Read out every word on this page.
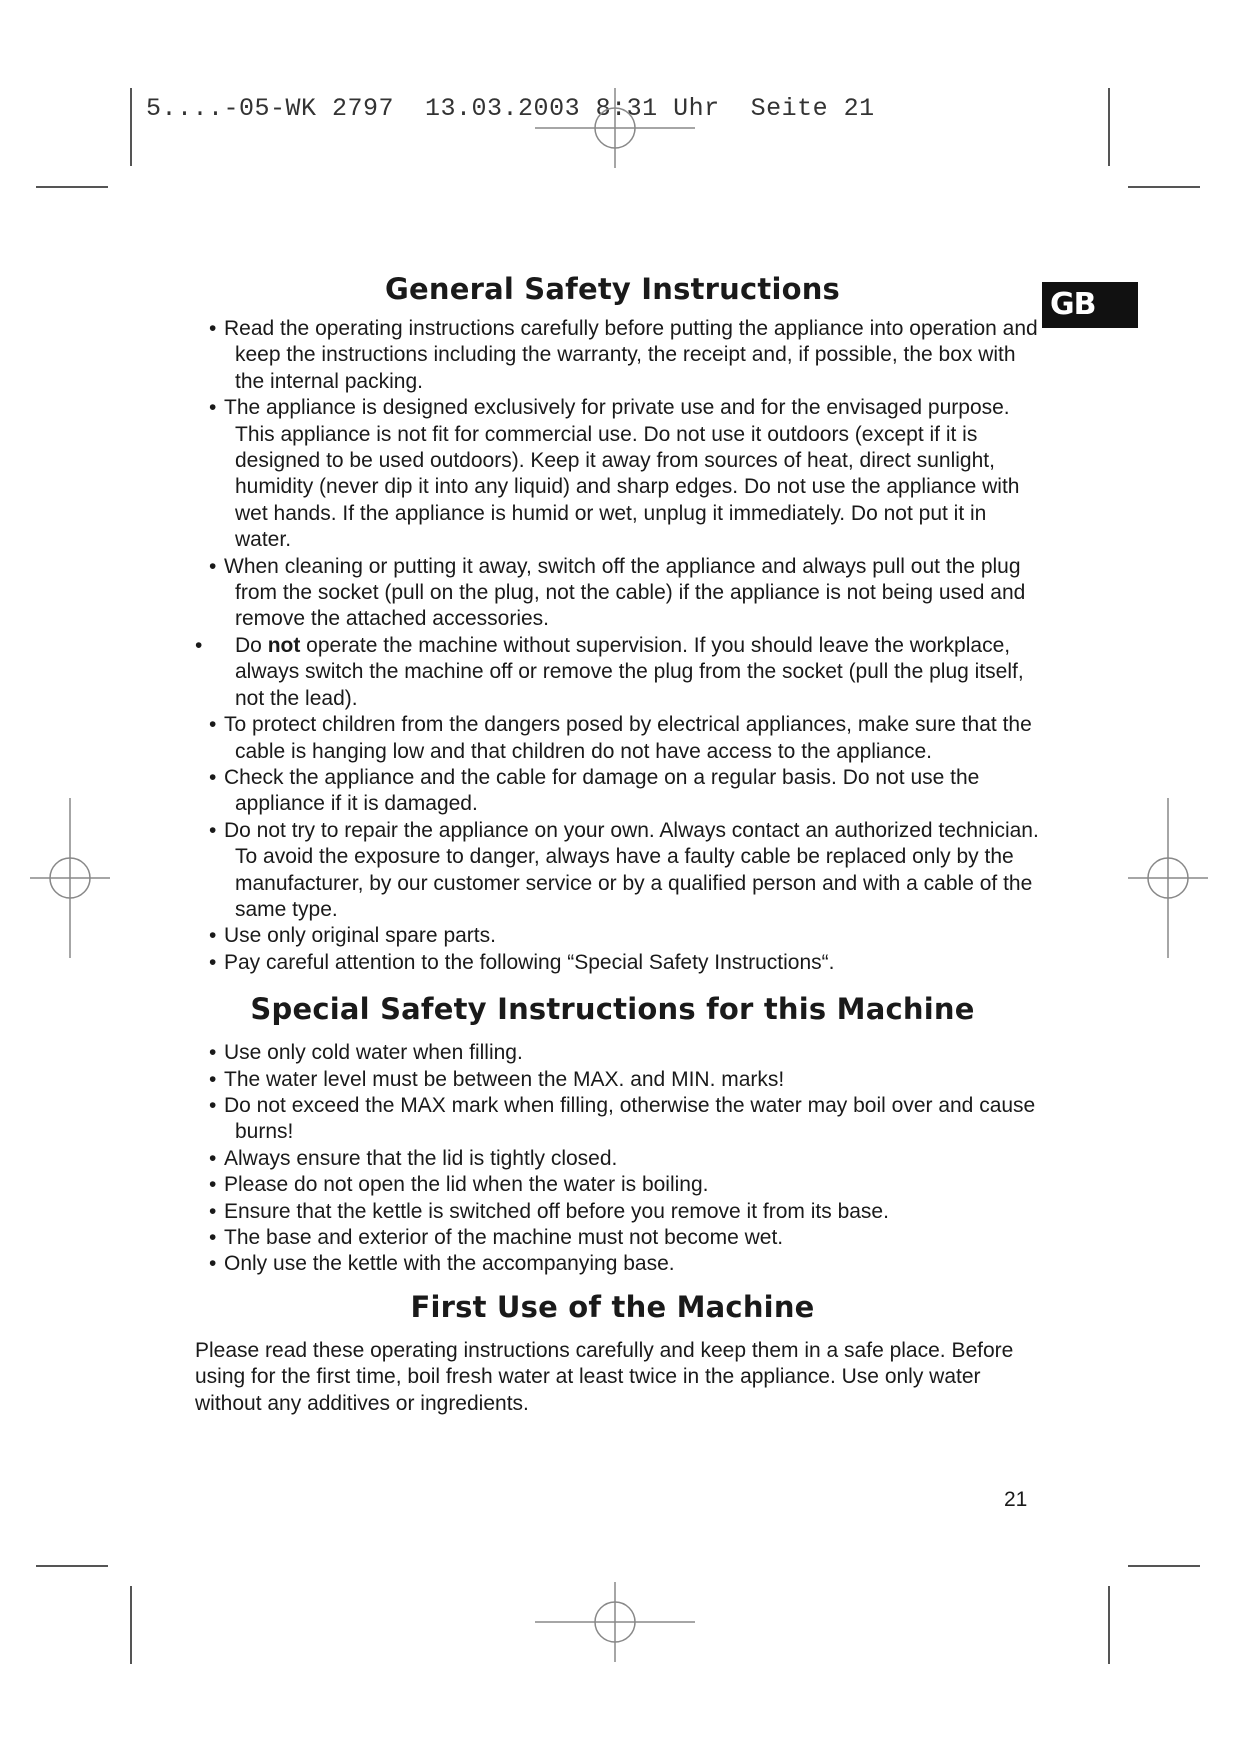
5....-05-WK 2797  13.03.2003 8:31 Uhr  Seite 21
GB
General Safety Instructions
• Read the operating instructions carefully before putting the appliance into operation and keep the instructions including the warranty, the receipt and, if possible, the box with the internal packing.
• The appliance is designed exclusively for private use and for the envisaged purpose. This appliance is not fit for commercial use. Do not use it outdoors (except if it is designed to be used outdoors). Keep it away from sources of heat, direct sunlight, humidity (never dip it into any liquid) and sharp edges. Do not use the appliance with wet hands. If the appliance is humid or wet, unplug it immediately. Do not put it in water.
• When cleaning or putting it away, switch off the appliance and always pull out the plug from the socket (pull on the plug, not the cable) if the appliance is not being used and remove the attached accessories.
• Do not operate the machine without supervision. If you should leave the workplace, always switch the machine off or remove the plug from the socket (pull the plug itself, not the lead).
• To protect children from the dangers posed by electrical appliances, make sure that the cable is hanging low and that children do not have access to the appliance.
• Check the appliance and the cable for damage on a regular basis. Do not use the appliance if it is damaged.
• Do not try to repair the appliance on your own. Always contact an authorized technician. To avoid the exposure to danger, always have a faulty cable be replaced only by the manufacturer, by our customer service or by a qualified person and with a cable of the same type.
• Use only original spare parts.
• Pay careful attention to the following “Special Safety Instructions“.
Special Safety Instructions for this Machine
• Use only cold water when filling.
• The water level must be between the MAX. and MIN. marks!
• Do not exceed the MAX mark when filling, otherwise the water may boil over and cause burns!
• Always ensure that the lid is tightly closed.
• Please do not open the lid when the water is boiling.
• Ensure that the kettle is switched off before you remove it from its base.
• The base and exterior of the machine must not become wet.
• Only use the kettle with the accompanying base.
First Use of the Machine

Please read these operating instructions carefully and keep them in a safe place. Before using for the first time, boil fresh water at least twice in the appliance. Use only water without any additives or ingredients.

21
